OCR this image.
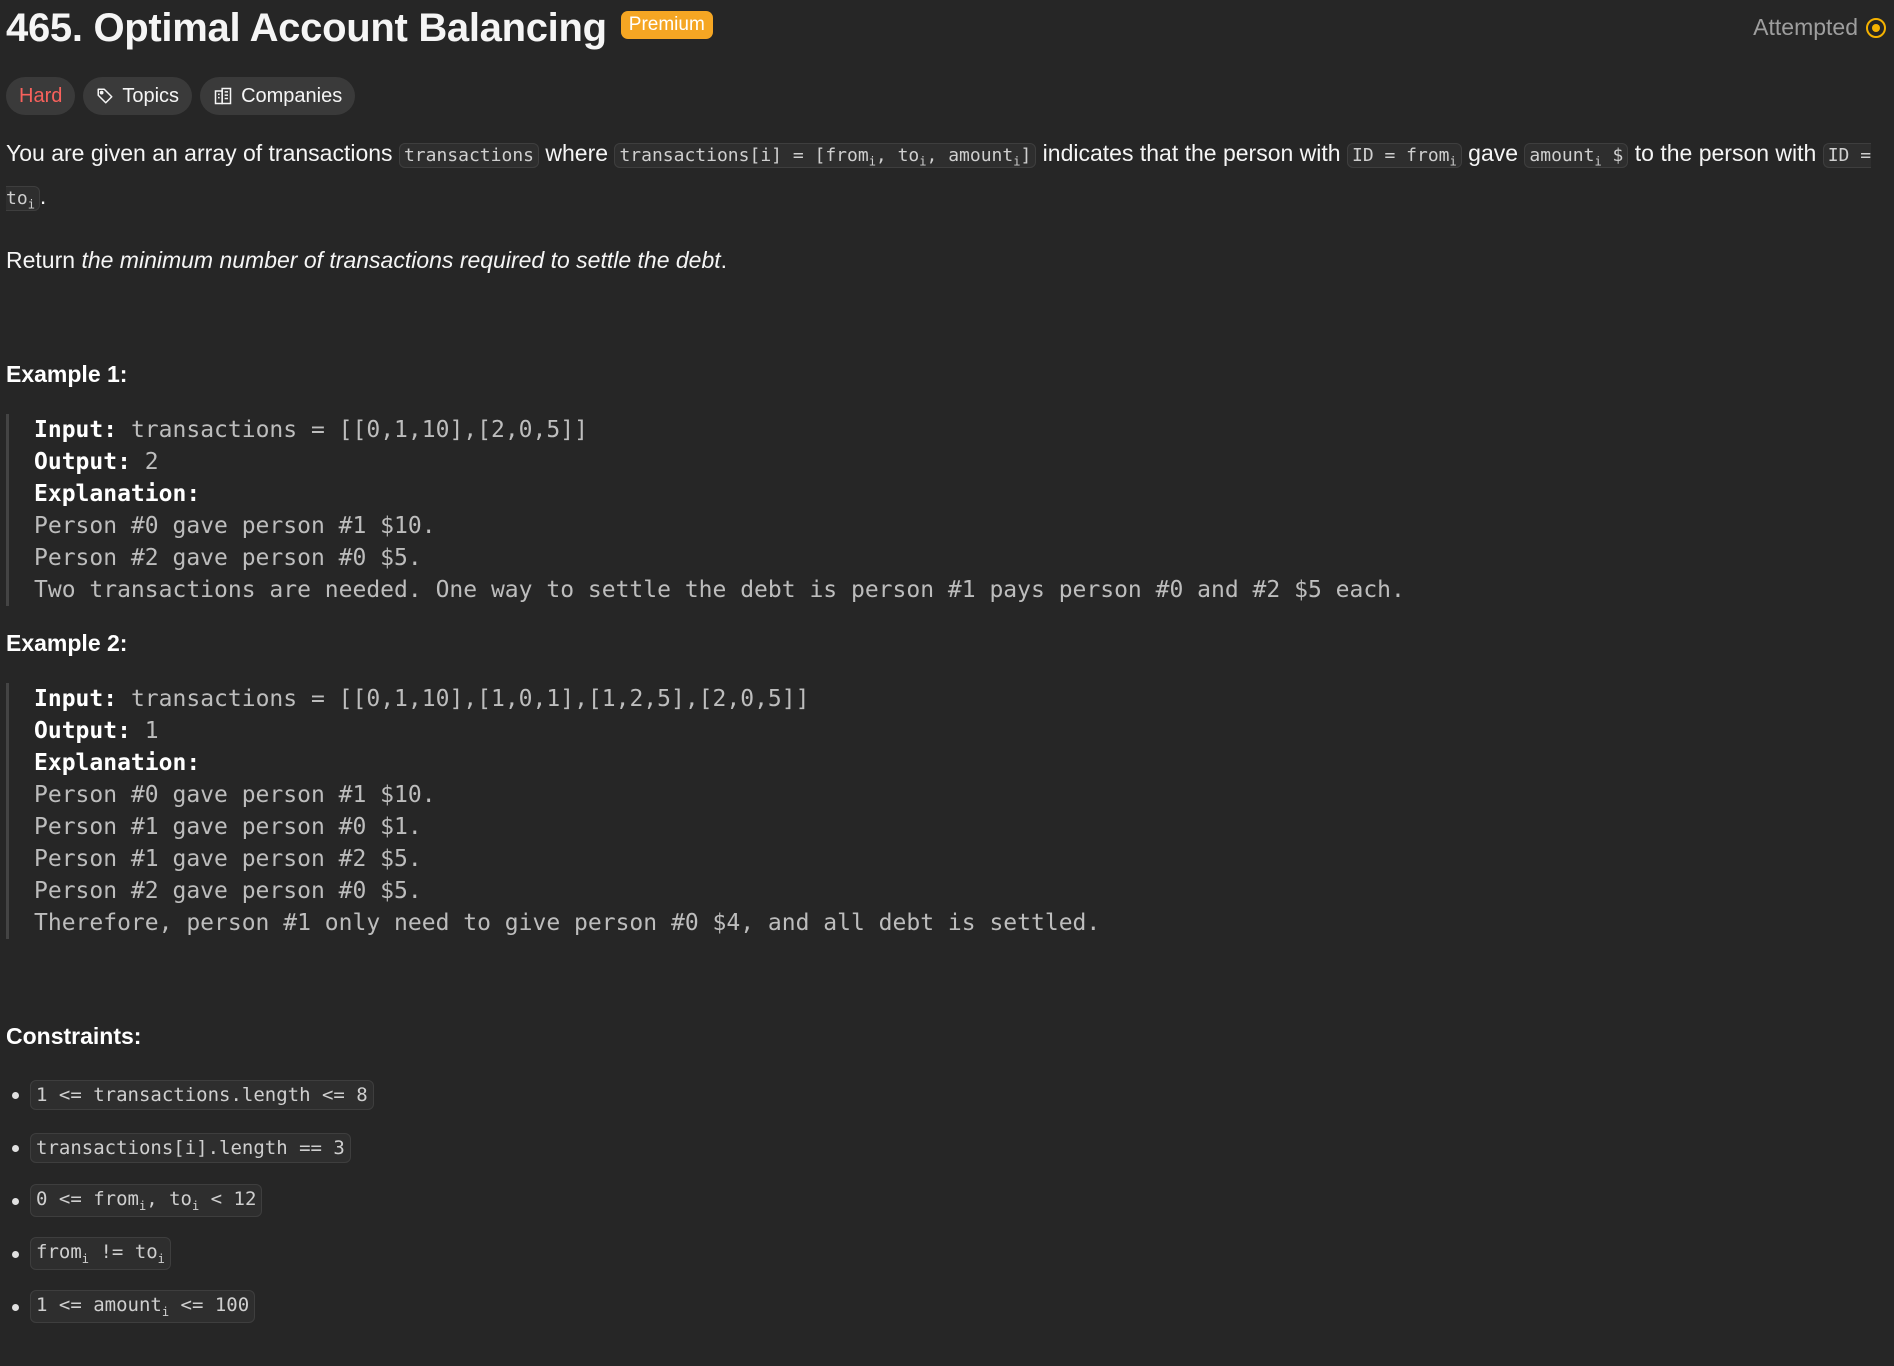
465. Optimal Account Balancing	Premium	Attempted
Hard	Topics	Companies

You are given an array of transactions transactions where transactions[i] = [from$_i$, $to_i$, amount$_i$] indicates that the person with ID = from$_i$ gave amount$_i$ $ to the person with ID = $to_i$ .

Return the minimum number of transactions required to settle the debt.

Example 1:

Input: transactions = [[0,1,10],[2,0,5]]
Output: 2
Explanation:
Person #0 gave person #1 $10.
Person #2 gave person #0 $5.
Two transactions are needed. One way to settle the debt is person #1 pays person #0 and #2 $5 each.

Example 2:

Input: transactions = [[0,1,10],[1,0,1],[1,2,5],[2,0,5]]
Output: 1
Explanation:
Person #0 gave person #1 $10.
Person #1 gave person #0 $1.
Person #1 gave person #2 $5.
Person #2 gave person #0 $5.
Therefore, person #1 only need to give person #0 $4, and all debt is settled.
Constraints:
1 <= transactions.length <= 8
transactions[i].length == 3
0 <= from$_i$, $to_i < 12$
from$_i$ != $to_i$
1 <= amount$_i$ <= 100
